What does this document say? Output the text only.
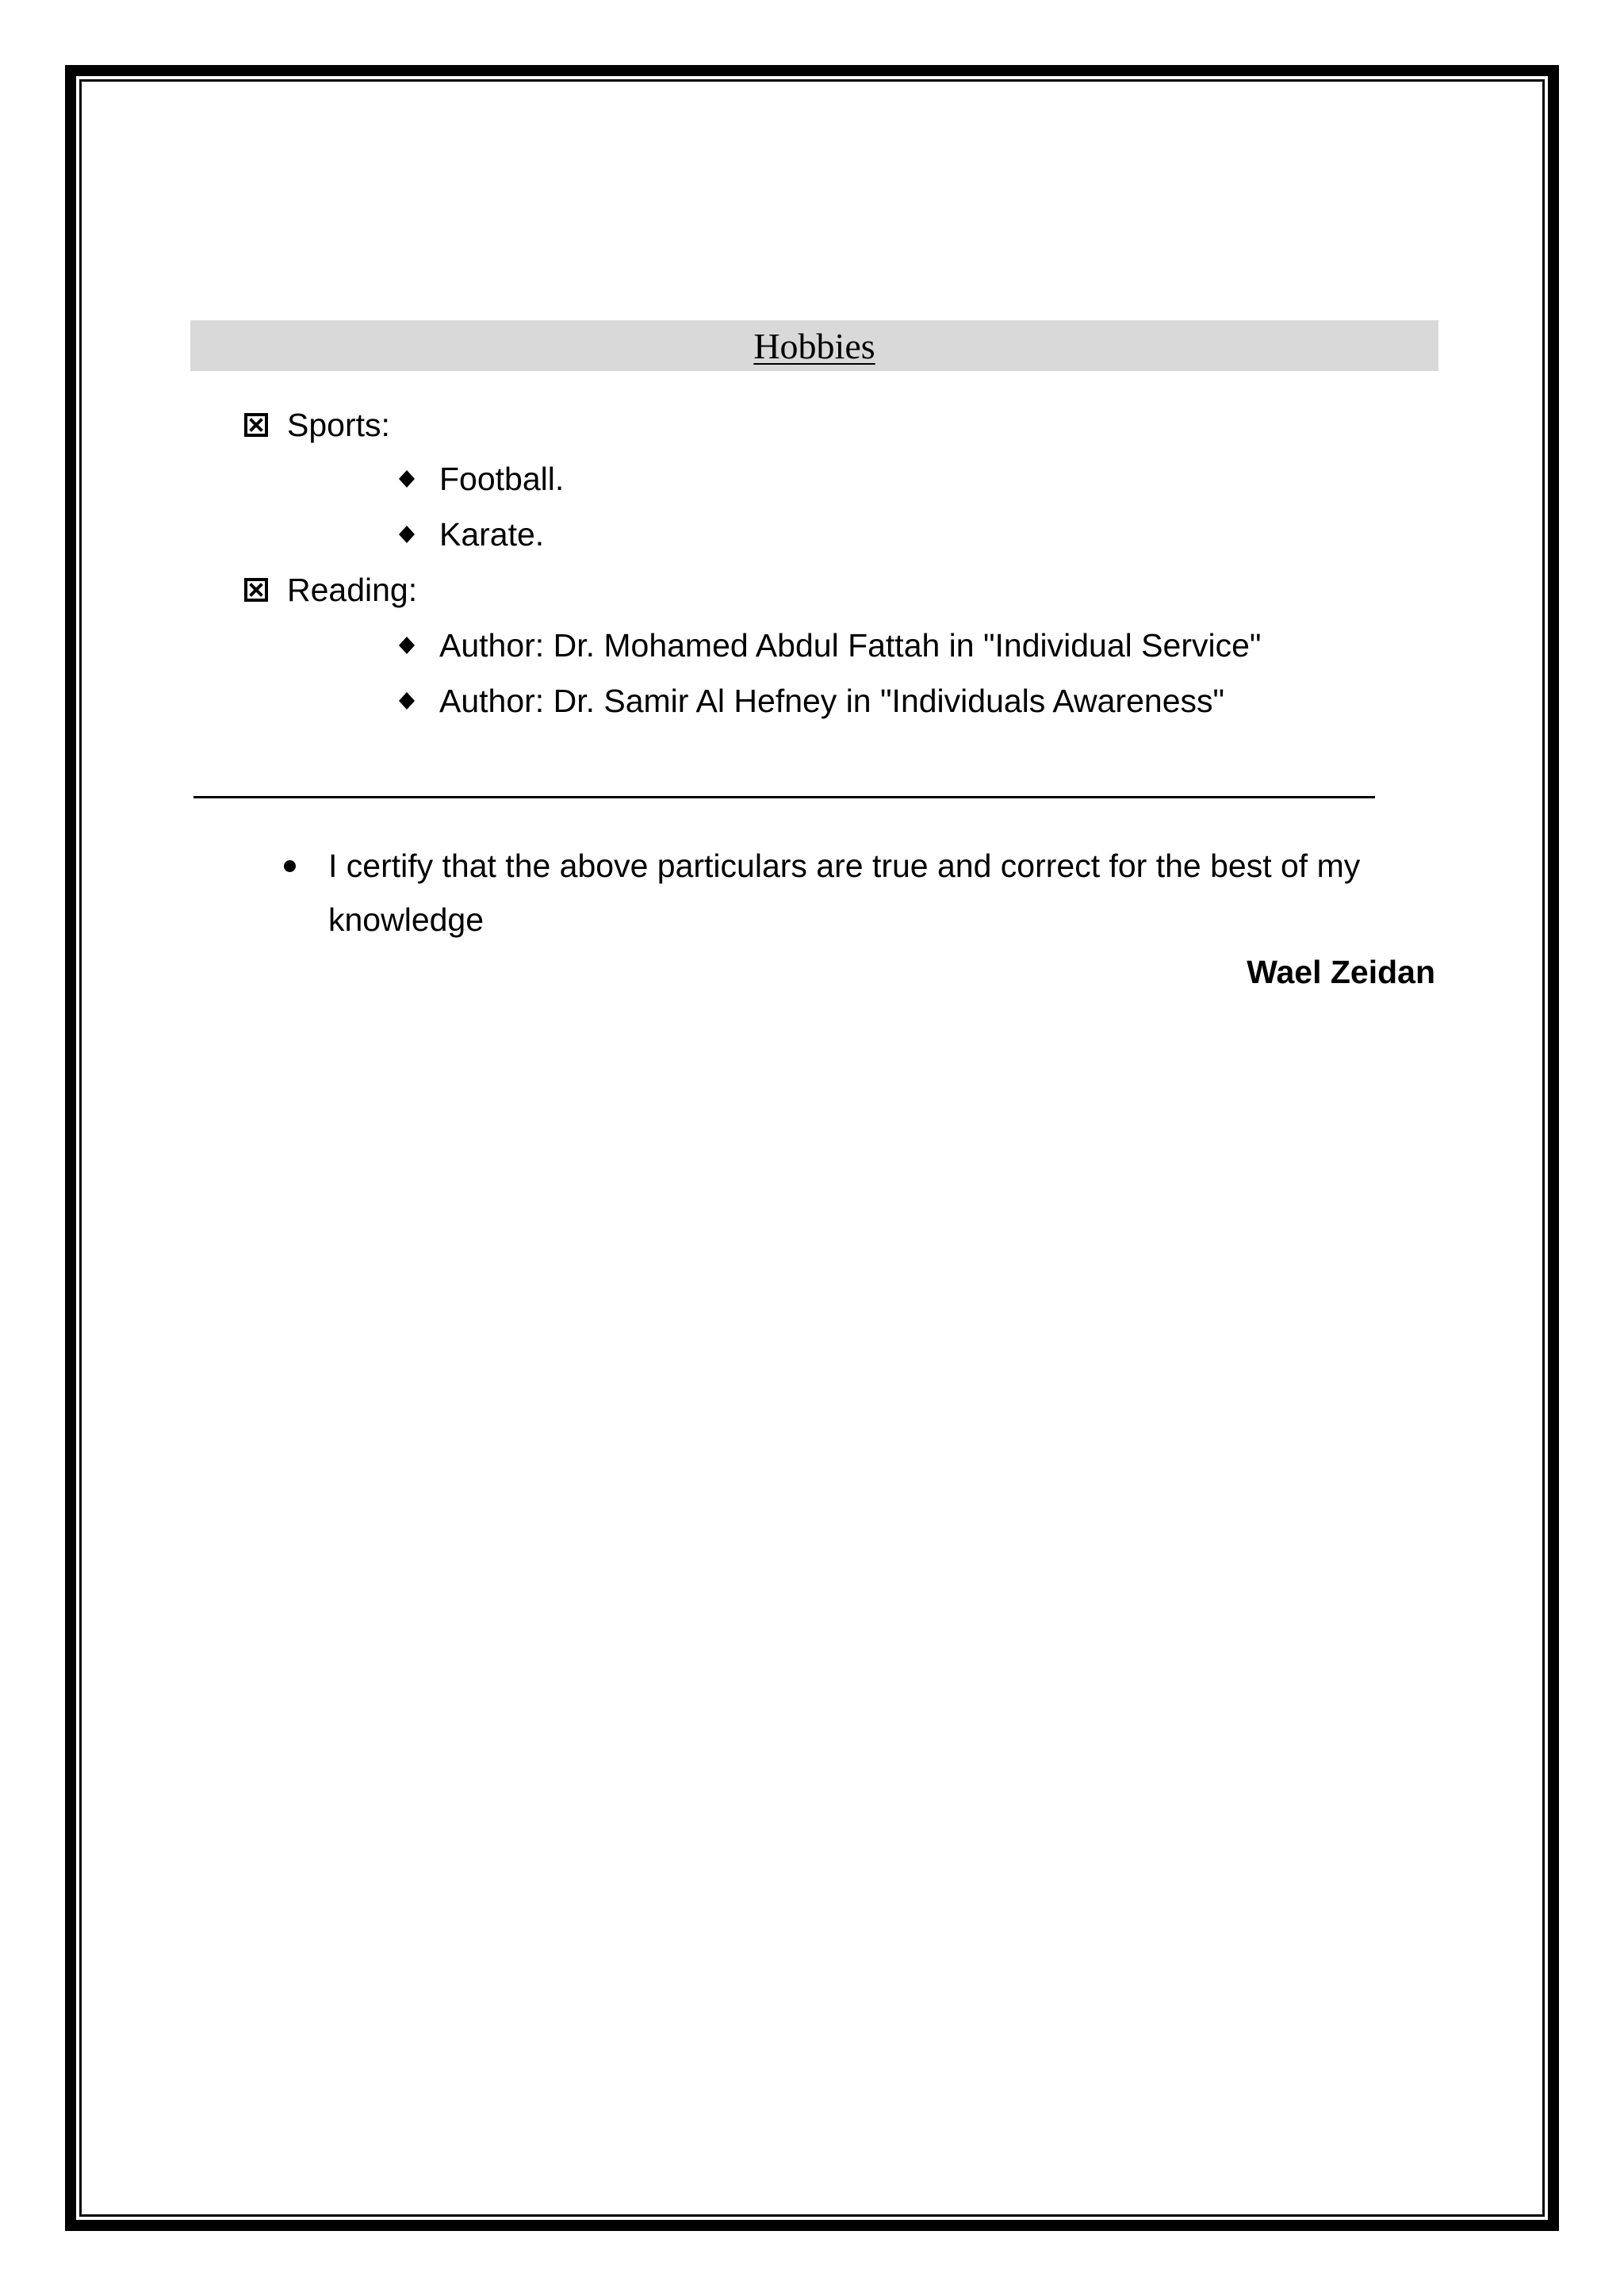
Hobbies
Sports:
Football.
Karate.
Reading:
Author: Dr. Mohamed Abdul Fattah in "Individual Service"
Author: Dr. Samir Al Hefney in "Individuals Awareness"
I certify that the above particulars are true and correct for the best of my knowledge
Wael Zeidan
